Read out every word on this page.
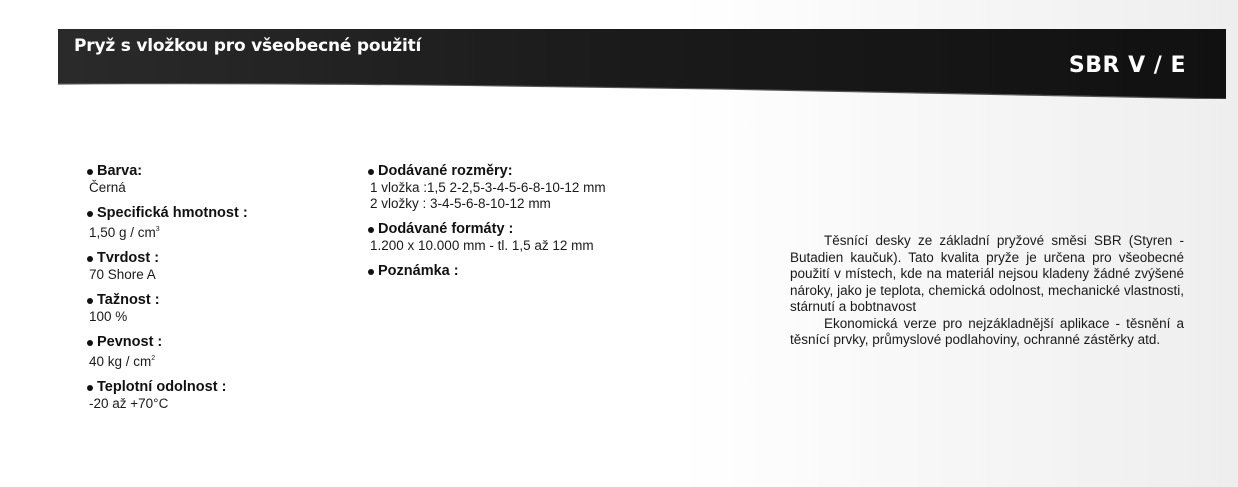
Pryž s vložkou pro všeobecné použití
SBR V / E
Barva:
Černá
Specifická hmotnost :
1,50 g / $cm^3$
Tvrdost :
70 Shore A
Tažnost :
100 %
Pevnost :
40 kg / $cm^2$
Teplotní odolnost :
-20 až +70°C
Dodávané rozměry:
1 vložka :1,5 2-2,5-3-4-5-6-8-10-12 mm
2 vložky : 3-4-5-6-8-10-12 mm
Dodávané formáty :
1.200 x 10.000 mm - tl. 1,5 až 12 mm
Poznámka :

Těsnící desky ze základní pryžové směsi SBR (Styren - Butadien kaučuk). Tato kvalita pryže je určena pro všeobecné použití v místech, kde na materiál nejsou kladeny žádné zvýšené nároky, jako je teplota, chemická odolnost, mechanické vlastnosti, stárnutí a bobtnavost

Ekonomická verze pro nejzákladnější aplikace - těsnění a těsnící prvky, průmyslové podlahoviny, ochranné zástěrky atd.
